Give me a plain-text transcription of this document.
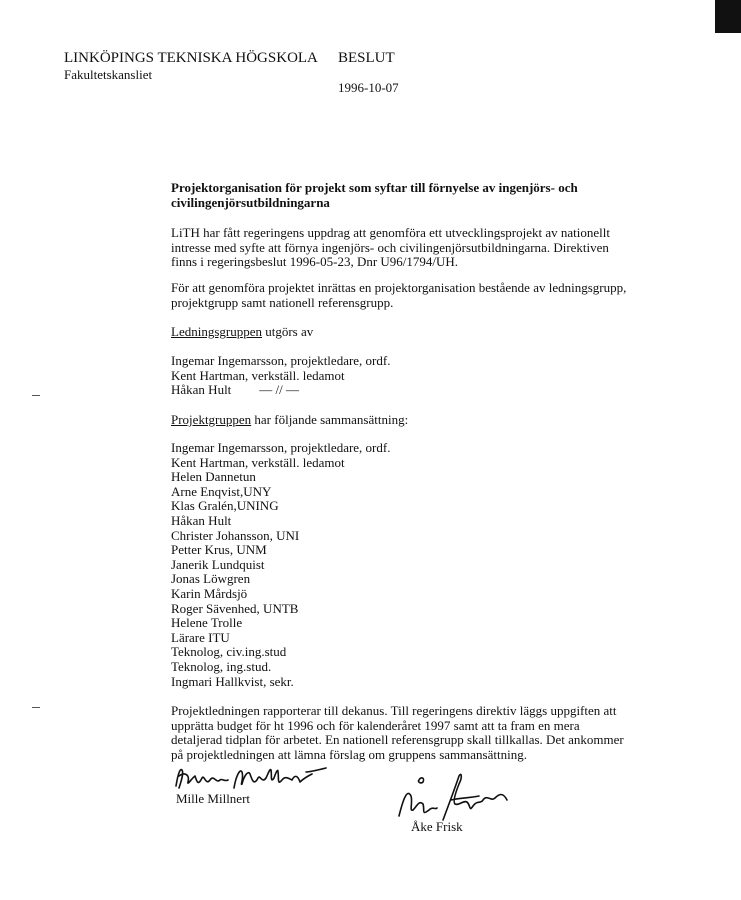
LINKÖPINGS TEKNISKA HÖGSKOLA
Fakultetskansliet
BESLUT
1996-10-07
Projektorganisation för projekt som syftar till förnyelse av ingenjörs- och
civilingenjörsutbildningarna
LiTH har fått regeringens uppdrag att genomföra ett utvecklingsprojekt av nationellt
intresse med syfte att förnya ingenjörs- och civilingenjörsutbildningarna. Direktiven
finns i regeringsbeslut 1996-05-23, Dnr U96/1794/UH.
För att genomföra projektet inrättas en projektorganisation bestående av ledningsgrupp,
projektgrupp samt nationell referensgrupp.
Ledningsgruppen utgörs av
Ingemar Ingemarsson, projektledare, ordf.
Kent Hartman, verkställ. ledamot
Håkan Hult — // —
Projektgruppen har följande sammansättning:
Ingemar Ingemarsson, projektledare, ordf.
Kent Hartman, verkställ. ledamot
Helen Dannetun
Arne Enqvist,UNY
Klas Gralén,UNING
Håkan Hult
Christer Johansson, UNI
Petter Krus, UNM
Janerik Lundquist
Jonas Löwgren
Karin Mårdsjö
Roger Sävenhed, UNTB
Helene Trolle
Lärare ITU
Teknolog, civ.ing.stud
Teknolog, ing.stud.
Ingmari Hallkvist, sekr.
Projektledningen rapporterar till dekanus. Till regeringens direktiv läggs uppgiften att
upprätta budget för ht 1996 och för kalenderåret 1997 samt att ta fram en mera
detaljerad tidplan för arbetet. En nationell referensgrupp skall tillkallas. Det ankommer
på projektledningen att lämna förslag om gruppens sammansättning.
Mille Millnert
Åke Frisk
